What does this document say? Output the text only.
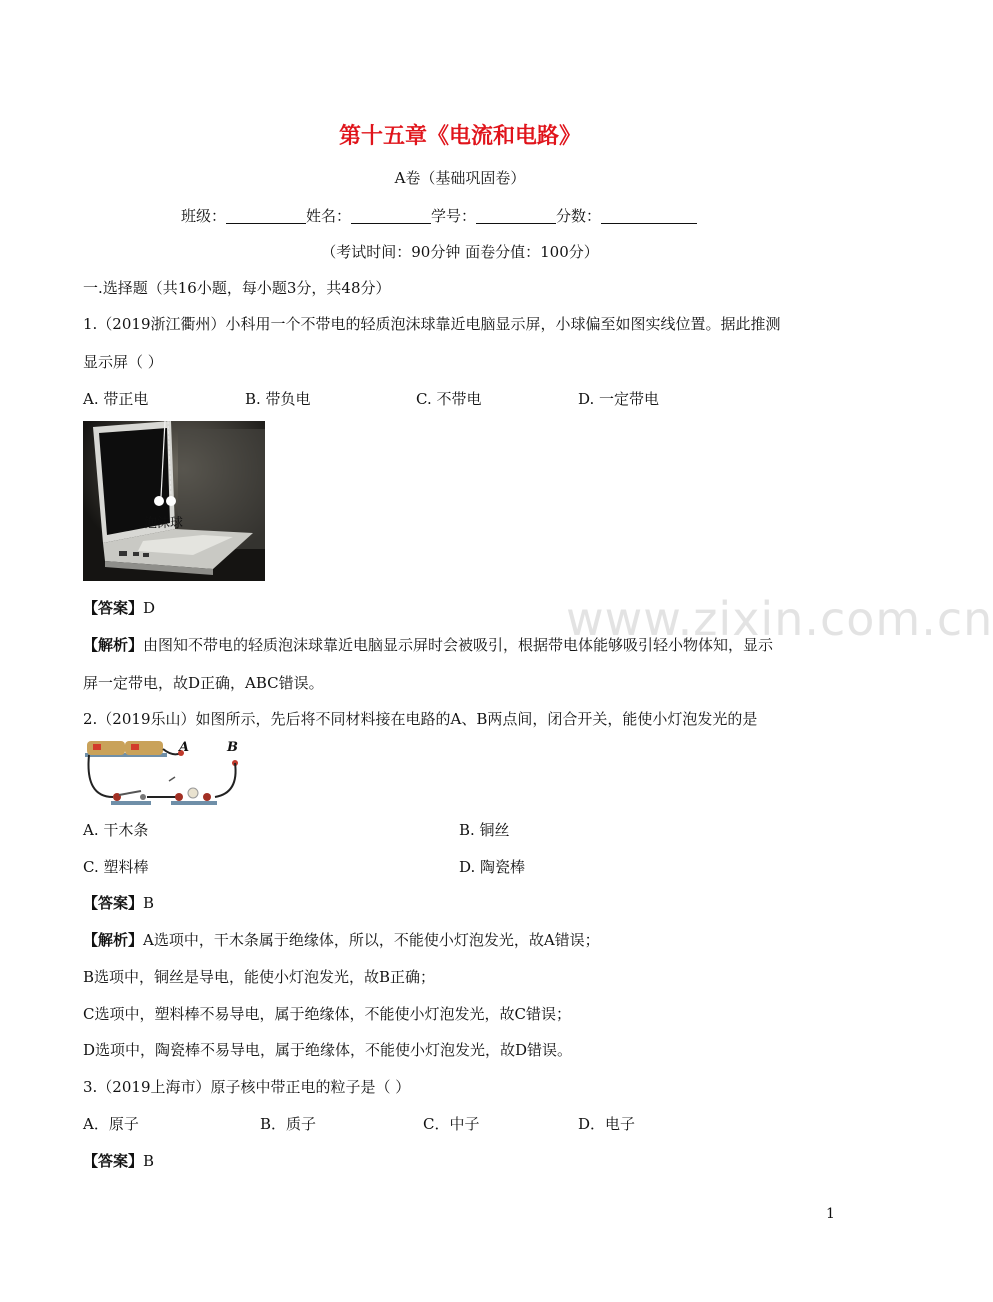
www.zixin.com.cn
第十五章《电流和电路》
A卷（基础巩固卷）
班级：	姓名：	学号：	分数：
（考试时间：90分钟 面卷分值：100分）
一.选择题（共16小题，每小题3分，共48分）
1.（2019浙江衢州）小科用一个不带电的轻质泡沫球靠近电脑显示屏，小球偏至如图实线位置。据此推测
显示屏（ ）
A. 带正电	B. 带负电	C. 不带电	D. 一定带电
泡沫球
【答案】D
【解析】由图知不带电的轻质泡沫球靠近电脑显示屏时会被吸引，根据带电体能够吸引轻小物体知，显示
屏一定带电，故D正确，ABC错误。
2.（2019乐山）如图所示，先后将不同材料接在电路的A、B两点间，闭合开关，能使小灯泡发光的是
A	B
A. 干木条	B. 铜丝
C. 塑料棒	D. 陶瓷棒
【答案】B
【解析】A选项中，干木条属于绝缘体，所以，不能使小灯泡发光，故A错误；
B选项中，铜丝是导电，能使小灯泡发光，故B正确；
C选项中，塑料棒不易导电，属于绝缘体，不能使小灯泡发光，故C错误；
D选项中，陶瓷棒不易导电，属于绝缘体，不能使小灯泡发光，故D错误。
3.（2019上海市）原子核中带正电的粒子是（ ）
A．原子	B．质子	C．中子	D．电子
【答案】B
1
